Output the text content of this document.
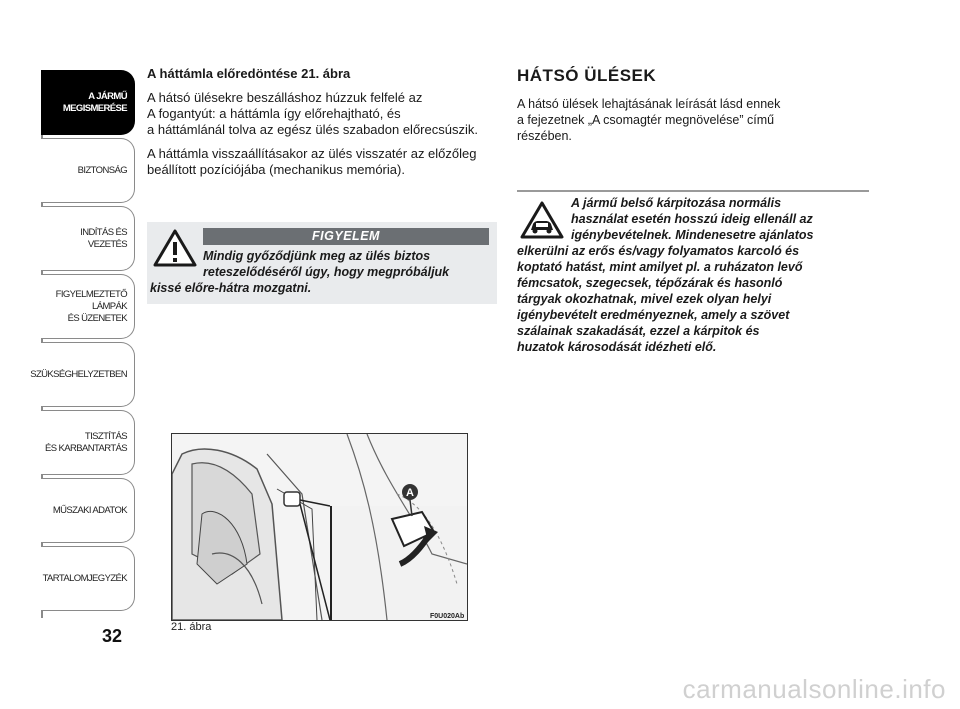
A JÁRMŰ
MEGISMERÉSE
BIZTONSÁG
INDÍTÁS ÉS VEZETÉS
FIGYELMEZTETŐ
LÁMPÁK
ÉS ÜZENETEK
SZÜKSÉGHELYZETBEN
TISZTÍTÁS
ÉS KARBANTARTÁS
MŰSZAKI ADATOK
TARTALOMJEGYZÉK
32
A háttámla előredöntése 21. ábra

A hátsó ülésekre beszálláshoz húzzuk felfelé az
A fogantyút: a háttámla így előrehajtható, és
a háttámlánál tolva az egész ülés szabadon előrecsúszik.

A háttámla visszaállításakor az ülés visszatér az előzőleg
beállított pozíciójába (mechanikus memória).

FIGYELEM
Mindig győződjünk meg az ülés biztos
reteszelődéséről úgy, hogy megpróbáljuk
kissé előre-hátra mozgatni.
A
21. ábra
F0U020Ab
HÁTSÓ ÜLÉSEK

A hátsó ülések lehajtásának leírását lásd ennek
a fejezetnek „A csomagtér megnövelése” című
részében.

A jármű belső kárpitozása normális
használat esetén hosszú ideig ellenáll az
igénybevételnek. Mindenesetre ajánlatos
elkerülni az erős és/vagy folyamatos karcoló és
koptató hatást, mint amilyet pl. a ruházaton levő
fémcsatok, szegecsek, tépőzárak és hasonló
tárgyak okozhatnak, mivel ezek olyan helyi
igénybevételt eredményeznek, amely a szövet
szálainak szakadását, ezzel a kárpitok és
huzatok károsodását idézheti elő.
carmanualsonline.info
